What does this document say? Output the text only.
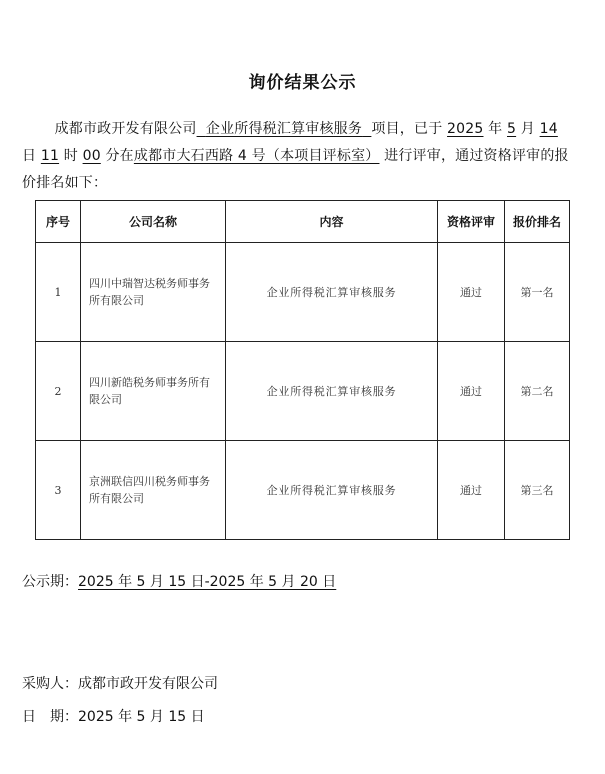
询价结果公示
成都市政开发有限公司 企业所得税汇算审核服务 项目，已于 2025 年 5 月 14
日 11 时 00 分在成都市大石西路 4 号（本项目评标室） 进行评审，通过资格评审的报价排名如下：
序号	公司名称	内容	资格评审	报价排名
1	四川中瑞智达税务师事务所有限公司	企业所得税汇算审核服务	通过	第一名
2	四川新皓税务师事务所有限公司	企业所得税汇算审核服务	通过	第二名
3	京洲联信四川税务师事务所有限公司	企业所得税汇算审核服务	通过	第三名
公示期：2025 年 5 月 15 日-2025 年 5 月 20 日
采购人：成都市政开发有限公司
日　期：2025 年 5 月 15 日
